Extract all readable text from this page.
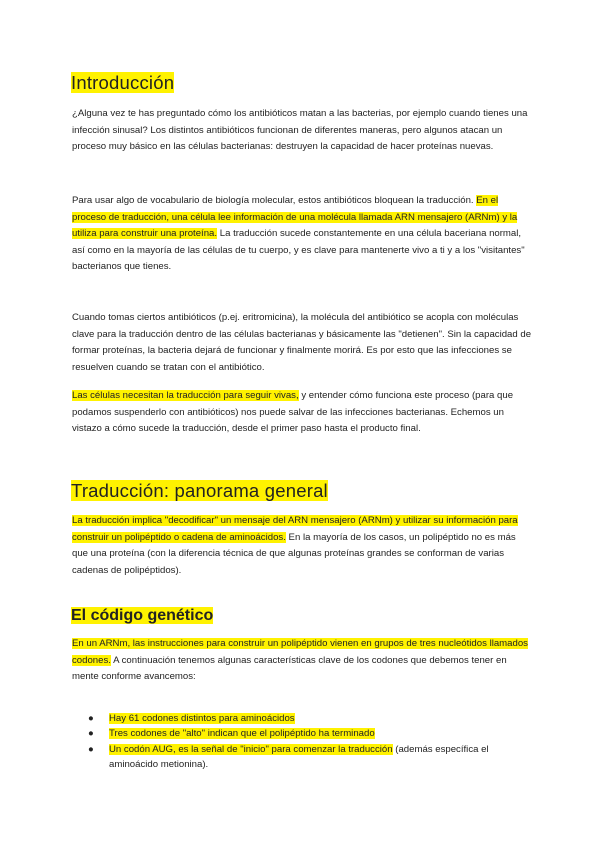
Introducción

¿Alguna vez te has preguntado cómo los antibióticos matan a las bacterias, por ejemplo cuando tienes una infección sinusal? Los distintos antibióticos funcionan de diferentes maneras, pero algunos atacan un proceso muy básico en las células bacterianas: destruyen la capacidad de hacer proteínas nuevas.

Para usar algo de vocabulario de biología molecular, estos antibióticos bloquean la traducción. En el proceso de traducción, una célula lee información de una molécula llamada ARN mensajero (ARNm) y la utiliza para construir una proteína. La traducción sucede constantemente en una célula baceriana normal, así como en la mayoría de las células de tu cuerpo, y es clave para mantenerte vivo a ti y a los "visitantes" bacterianos que tienes.

Cuando tomas ciertos antibióticos (p.ej. eritromicina), la molécula del antibiótico se acopla con moléculas clave para la traducción dentro de las células bacterianas y básicamente las "detienen". Sin la capacidad de formar proteínas, la bacteria dejará de funcionar y finalmente morirá. Es por esto que las infecciones se resuelven cuando se tratan con el antibiótico.

Las células necesitan la traducción para seguir vivas, y entender cómo funciona este proceso (para que podamos suspenderlo con antibióticos) nos puede salvar de las infecciones bacterianas. Echemos un vistazo a cómo sucede la traducción, desde el primer paso hasta el producto final.

Traducción: panorama general

La traducción implica "decodificar" un mensaje del ARN mensajero (ARNm) y utilizar su información para construir un polipéptido o cadena de aminoácidos. En la mayoría de los casos, un polipéptido no es más que una proteína (con la diferencia técnica de que algunas proteínas grandes se conforman de varias cadenas de polipéptidos).

El código genético

En un ARNm, las instrucciones para construir un polipéptido vienen en grupos de tres nucleótidos llamados codones. A continuación tenemos algunas características clave de los codones que debemos tener en mente conforme avancemos:

● Hay 61 codones distintos para aminoácidos
● Tres codones de "alto" indican que el polipéptido ha terminado
● Un codón AUG, es la señal de "inicio" para comenzar la traducción (además específica el aminoácido metionina).
